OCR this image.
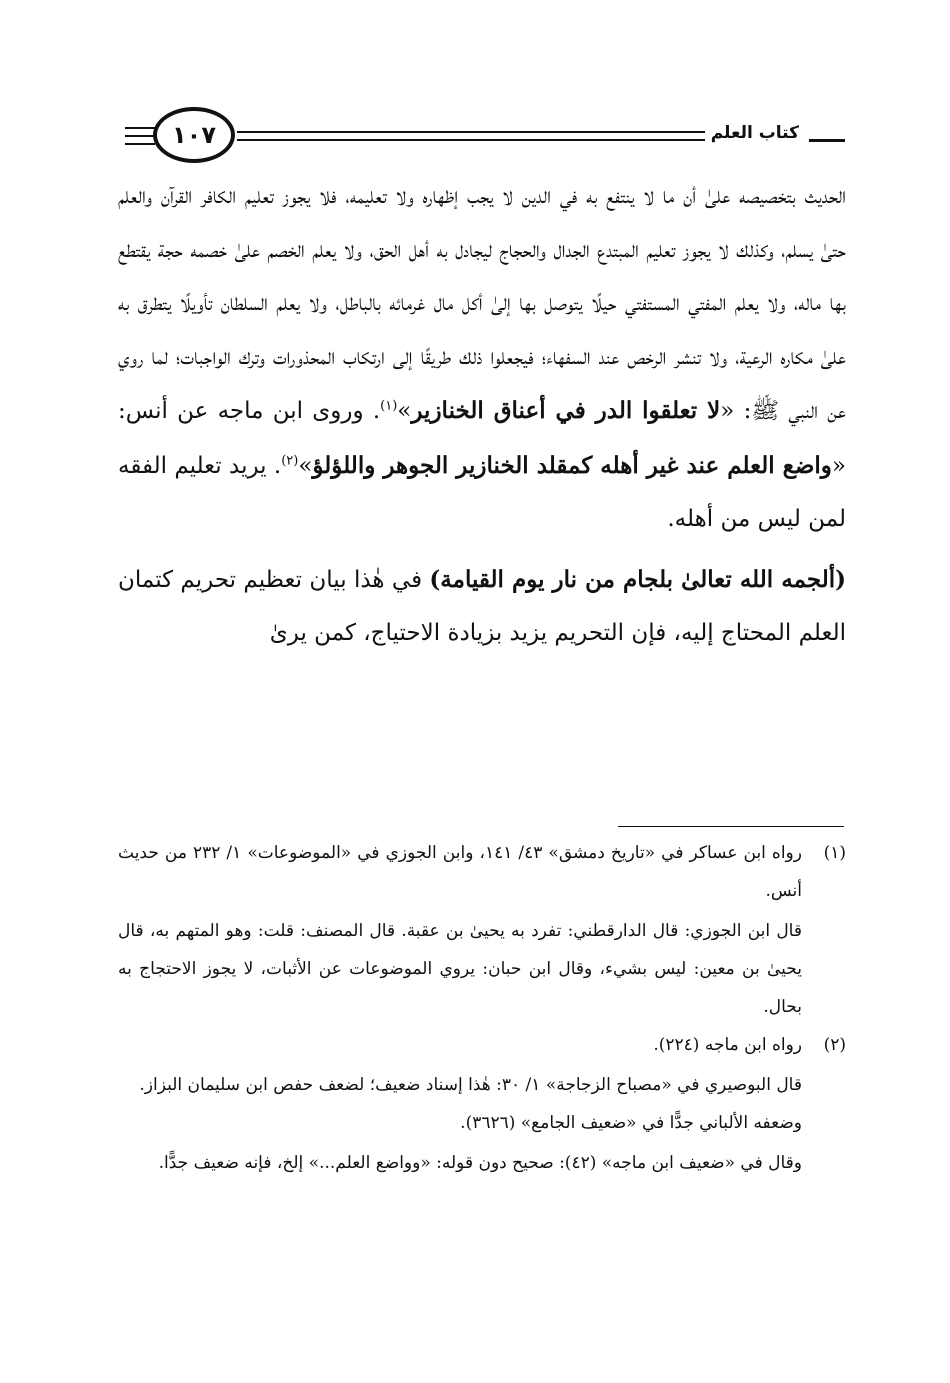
١٠٧	كتاب العلم

الحديث بتخصيصه علىٰ أن ما لا ينتفع به في الدين لا يجب إظهاره ولا تعليمه، فلا يجوز تعليم الكافر القرآن والعلم حتىٰ يسلم، وكذلك لا يجوز تعليم المبتدع الجدال والحجاج ليجادل به أهل الحق، ولا يعلم الخصم علىٰ خصمه حجة يقتطع بها ماله، ولا يعلم المفتي المستفتي حيلًا يتوصل بها إلىٰ أكل مال غرمائه بالباطل، ولا يعلم السلطان تأويلًا يتطرق به علىٰ مكاره الرعية، ولا تنشر الرخص عند السفهاء؛ فيجعلوا ذلك طريقًا إلى ارتكاب المحذورات وترك الواجبات؛ لما روي عن النبي ﷺ: «لا تعلقوا الدر في أعناق الخنازير»$^{(١)}$. وروى ابن ماجه عن أنس: «واضع العلم عند غير أهله كمقلد الخنازير الجوهر واللؤلؤ»$^{(٢)}$. يريد تعليم الفقه لمن ليس من أهله.

(ألجمه الله تعالىٰ بلجام من نار يوم القيامة) في هٰذا بيان تعظيم تحريم كتمان العلم المحتاج إليه، فإن التحريم يزيد بزيادة الاحتياج، كمن يرىٰ

(١)

رواه ابن عساكر في «تاريخ دمشق» ٤٣/ ١٤١، وابن الجوزي في «الموضوعات» ١/ ٢٣٢ من حديث أنس.

قال ابن الجوزي: قال الدارقطني: تفرد به يحيىٰ بن عقبة. قال المصنف: قلت: وهو المتهم به، قال يحيىٰ بن معين: ليس بشيء، وقال ابن حبان: يروي الموضوعات عن الأثبات، لا يجوز الاحتجاج به بحال.

(٢)

رواه ابن ماجه (٢٢٤).

قال البوصيري في «مصباح الزجاجة» ١/ ٣٠: هٰذا إسناد ضعيف؛ لضعف حفص ابن سليمان البزاز.

وضعفه الألباني جدًّا في «ضعيف الجامع» (٣٦٢٦).

وقال في «ضعيف ابن ماجه» (٤٢): صحيح دون قوله: «وواضع العلم...» إلخ، فإنه ضعيف جدًّا.
